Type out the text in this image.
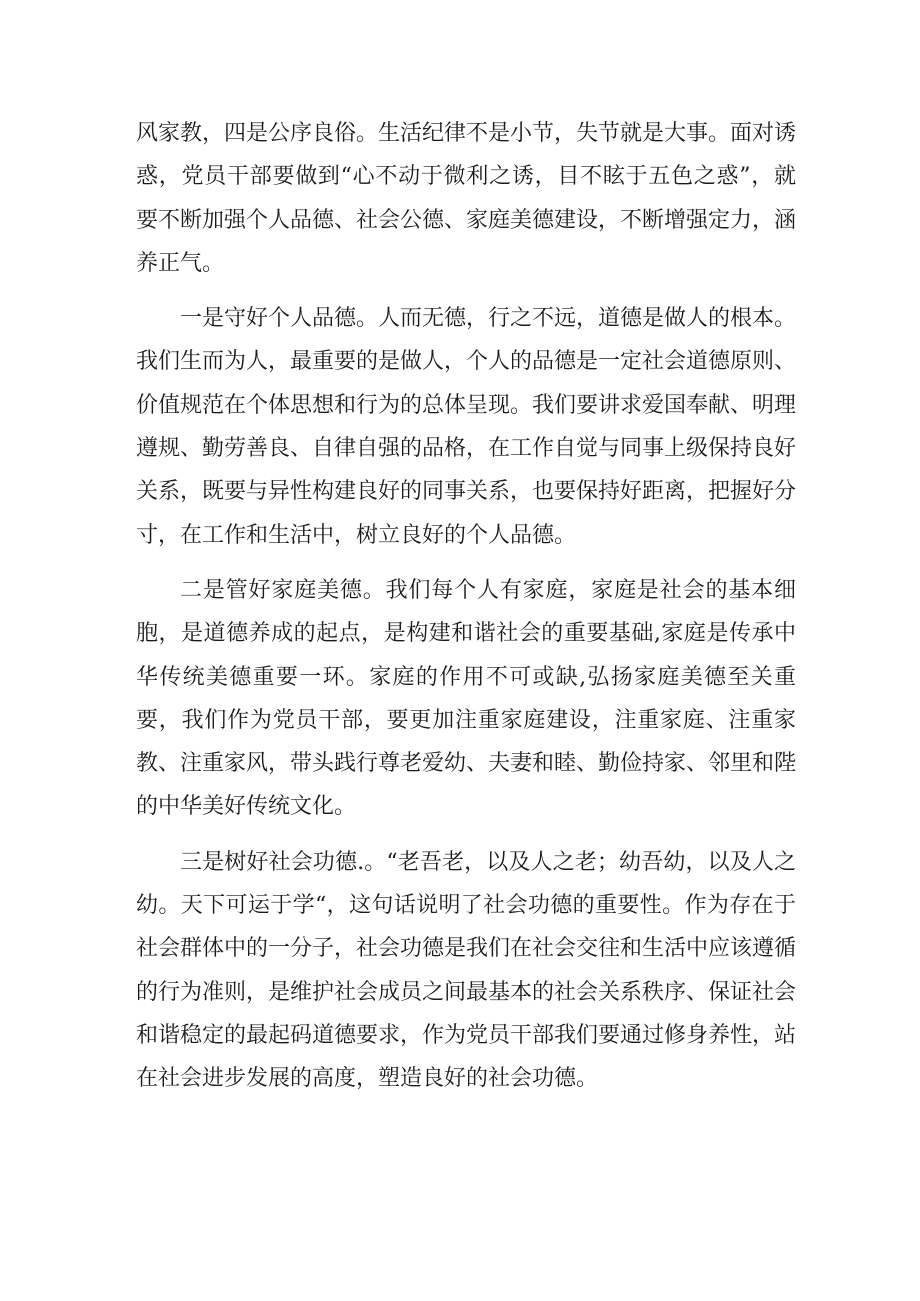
风家教，四是公序良俗。生活纪律不是小节，失节就是大事。面对诱惑，党员干部要做到“心不动于微利之诱，目不眩于五色之惑”，就要不断加强个人品德、社会公德、家庭美德建设，不断增强定力，涵养正气。

一是守好个人品德。人而无德，行之不远，道德是做人的根本。我们生而为人，最重要的是做人，个人的品德是一定社会道德原则、价值规范在个体思想和行为的总体呈现。我们要讲求爱国奉献、明理遵规、勤劳善良、自律自强的品格，在工作自觉与同事上级保持良好关系，既要与异性构建良好的同事关系，也要保持好距离，把握好分寸，在工作和生活中，树立良好的个人品德。

二是管好家庭美德。我们每个人有家庭，家庭是社会的基本细胞，是道德养成的起点，是构建和谐社会的重要基础,家庭是传承中华传统美德重要一环。家庭的作用不可或缺,弘扬家庭美德至关重要，我们作为党员干部，要更加注重家庭建设，注重家庭、注重家教、注重家风，带头践行尊老爱幼、夫妻和睦、勤俭持家、邻里和陛的中华美好传统文化。

三是树好社会功德.。“老吾老，以及人之老；幼吾幼，以及人之幼。天下可运于学“，这句话说明了社会功德的重要性。作为存在于社会群体中的一分子，社会功德是我们在社会交往和生活中应该遵循的行为准则，是维护社会成员之间最基本的社会关系秩序、保证社会和谐稳定的最起码道德要求，作为党员干部我们要通过修身养性，站在社会进步发展的高度，塑造良好的社会功德。
